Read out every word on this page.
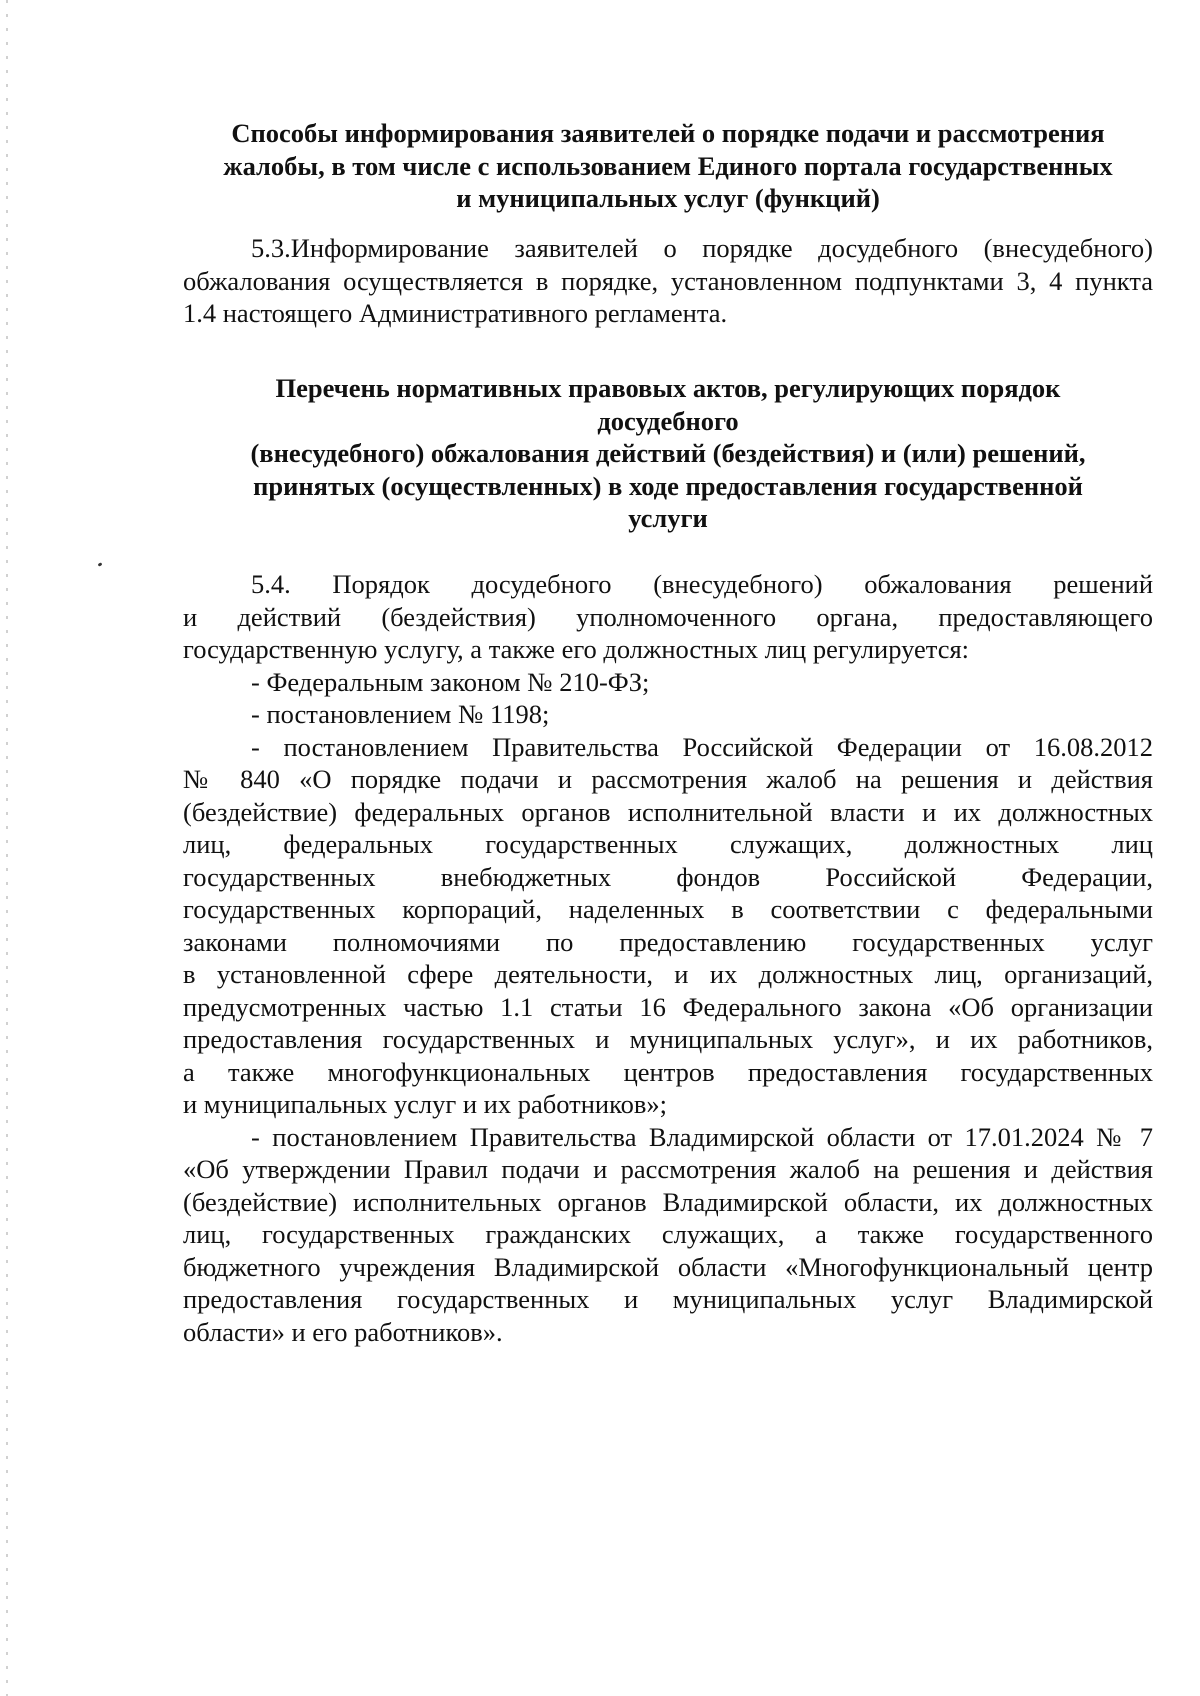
Способы информирования заявителей о порядке подачи и рассмотрения
жалобы, в том числе с использованием Единого портала государственных
и муниципальных услуг (функций)
5.3.Информирование заявителей о порядке досудебного (внесудебного)
обжалования осуществляется в порядке, установленном подпунктами 3, 4 пункта
1.4 настоящего Административного регламента.
Перечень нормативных правовых актов, регулирующих порядок
досудебного
(внесудебного) обжалования действий (бездействия) и (или) решений,
принятых (осуществленных) в ходе предоставления государственной
услуги
5.4. Порядок досудебного (внесудебного) обжалования решений
и действий (бездействия) уполномоченного органа, предоставляющего
государственную услугу, а также его должностных лиц регулируется:
- Федеральным законом № 210-ФЗ;
- постановлением № 1198;
- постановлением Правительства Российской Федерации от 16.08.2012
№ 840 «О порядке подачи и рассмотрения жалоб на решения и действия
(бездействие) федеральных органов исполнительной власти и их должностных
лиц, федеральных государственных служащих, должностных лиц
государственных внебюджетных фондов Российской Федерации,
государственных корпораций, наделенных в соответствии с федеральными
законами полномочиями по предоставлению государственных услуг
в установленной сфере деятельности, и их должностных лиц, организаций,
предусмотренных частью 1.1 статьи 16 Федерального закона «Об организации
предоставления государственных и муниципальных услуг», и их работников,
а также многофункциональных центров предоставления государственных
и муниципальных услуг и их работников»;
- постановлением Правительства Владимирской области от 17.01.2024 № 7
«Об утверждении Правил подачи и рассмотрения жалоб на решения и действия
(бездействие) исполнительных органов Владимирской области, их должностных
лиц, государственных гражданских служащих, а также государственного
бюджетного учреждения Владимирской области «Многофункциональный центр
предоставления государственных и муниципальных услуг Владимирской
области» и его работников».
